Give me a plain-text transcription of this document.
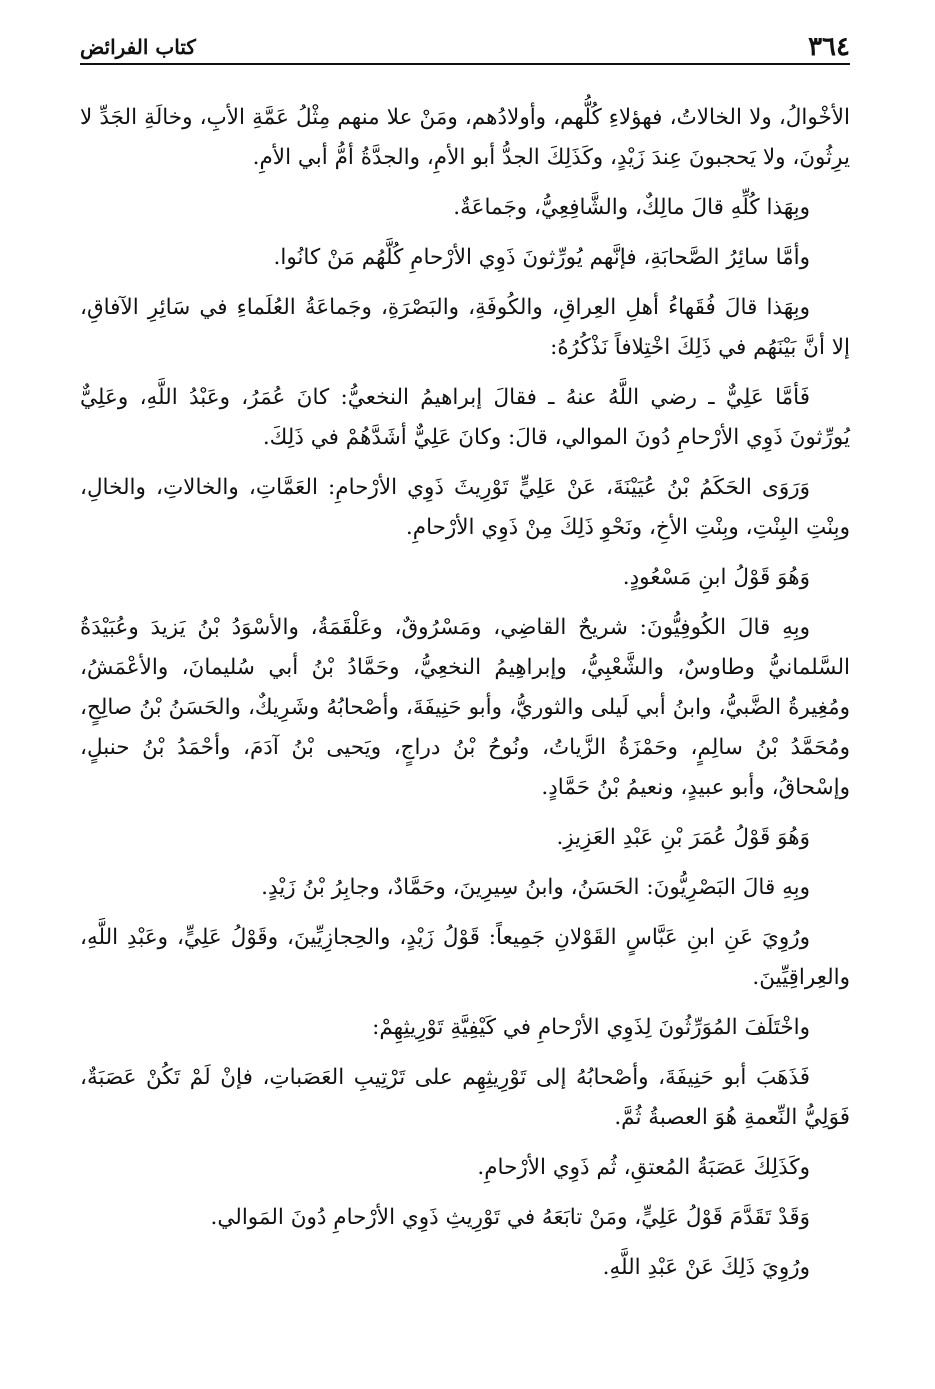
٣٦٤
كتاب الفرائض

الأخْوالُ، ولا الخالاتُ، فهؤلاءِ كُلُّهم، وأولادُهم، ومَنْ علا منهم مِثْلُ عَمَّةِ الأبِ، وخالَةِ الجَدِّ لا يرِثُونَ، ولا يَحجبونَ عِندَ زَيْدٍ، وكَذَلِكَ الجدُّ أبو الأمِ، والجدَّةُ أمُّ أبي الأمِ.

وبِهَذا كُلِّهِ قالَ مالِكٌ، والشَّافِعِيُّ، وجَماعَةٌ.

وأمَّا سائِرُ الصَّحابَةِ، فإنَّهم يُورِّثونَ ذَوِي الأرْحامِ كُلَّهُم مَنْ كانُوا.

وبِهَذا قالَ فُقَهاءُ أهلِ العِراقِ، والكُوفَةِ، والبَصْرَةِ، وجَماعَةُ العُلَماءِ في سَائِرِ الآفاقِ، إلا أنَّ بَيْنَهُم في ذَلِكَ اخْتِلافاً نَذْكُرُهُ:

فَأمَّا عَلِيٌّ ـ رضي اللَّهُ عنهُ ـ فقالَ إبراهيمُ النخعيُّ: كانَ عُمَرُ، وعَبْدُ اللَّهِ، وعَلِيٌّ يُورِّثونَ ذَوِي الأرْحامِ دُونَ الموالي، قالَ: وكانَ عَلِيٌّ أشَدَّهُمْ في ذَلِكَ.

وَرَوَى الحَكَمُ بْنُ عُيَيْنَةَ، عَنْ عَلِيٍّ تَوْرِيثَ ذَوِي الأرْحامِ: العَمَّاتِ، والخالاتِ، والخالِ، وبِنْتِ البِنْتِ، وبِنْتِ الأخِ، ونَحْوِ ذَلِكَ مِنْ ذَوِي الأرْحامِ.

وَهُوَ قَوْلُ ابنِ مَسْعُودٍ.

وبِهِ قالَ الكُوفِيُّونَ: شريحٌ القاضِي، ومَسْرُوقٌ، وعَلْقَمَةُ، والأسْوَدُ بْنُ يَزيدَ وعُبَيْدَةُ السَّلمانيُّ وطاوسٌ، والشَّعْبِيُّ، وإبراهِيمُ النخعِيُّ، وحَمَّادُ بْنُ أبي سُليمانَ، والأعْمَشُ، ومُغِيرةُ الضَّبيُّ، وابنُ أبي لَيلى والثوريُّ، وأبو حَنِيفَةَ، وأصْحابُهُ وشَرِيكٌ، والحَسَنُ بْنُ صالِحٍ، ومُحَمَّدُ بْنُ سالِمٍ، وحَمْزَةُ الزَّياتُ، ونُوحُ بْنُ دراجٍ، ويَحيى بْنُ آدَمَ، وأحْمَدُ بْنُ حنبلٍ، وإسْحاقُ، وأبو عبيدٍ، ونعيمُ بْنُ حَمَّادٍ.

وَهُوَ قَوْلُ عُمَرَ بْنِ عَبْدِ العَزِيزِ.

وبِهِ قالَ البَصْرِيُّونَ: الحَسَنُ، وابنُ سِيرِينَ، وحَمَّادٌ، وجابِرُ بْنُ زَيْدٍ.

ورُوِيَ عَنِ ابنِ عَبَّاسٍ القَوْلانِ جَمِيعاً: قَوْلُ زَيْدٍ، والحِجازِيِّينَ، وقَوْلُ عَلِيٍّ، وعَبْدِ اللَّهِ، والعِراقِيِّينَ.

واخْتَلَفَ المُوَرِّثُونَ لِذَوِي الأرْحامِ في كَيْفِيَّةِ تَوْرِيثِهِمْ:

فَذَهَبَ أبو حَنِيفَةَ، وأصْحابُهُ إلى تَوْرِيثِهِم على تَرْتِيبِ العَصَباتِ، فإنْ لَمْ تَكُنْ عَصَبَةٌ، فَوَلِيُّ النِّعمةِ هُوَ العصبةُ ثُمَّ.

وكَذَلِكَ عَصَبَةُ المُعتقِ، ثُم ذَوِي الأرْحامِ.

وَقَدْ تَقَدَّمَ قَوْلُ عَلِيٍّ، ومَنْ تابَعَهُ في تَوْرِيثِ ذَوِي الأرْحامِ دُونَ المَوالي.

ورُوِيَ ذَلِكَ عَنْ عَبْدِ اللَّهِ.
